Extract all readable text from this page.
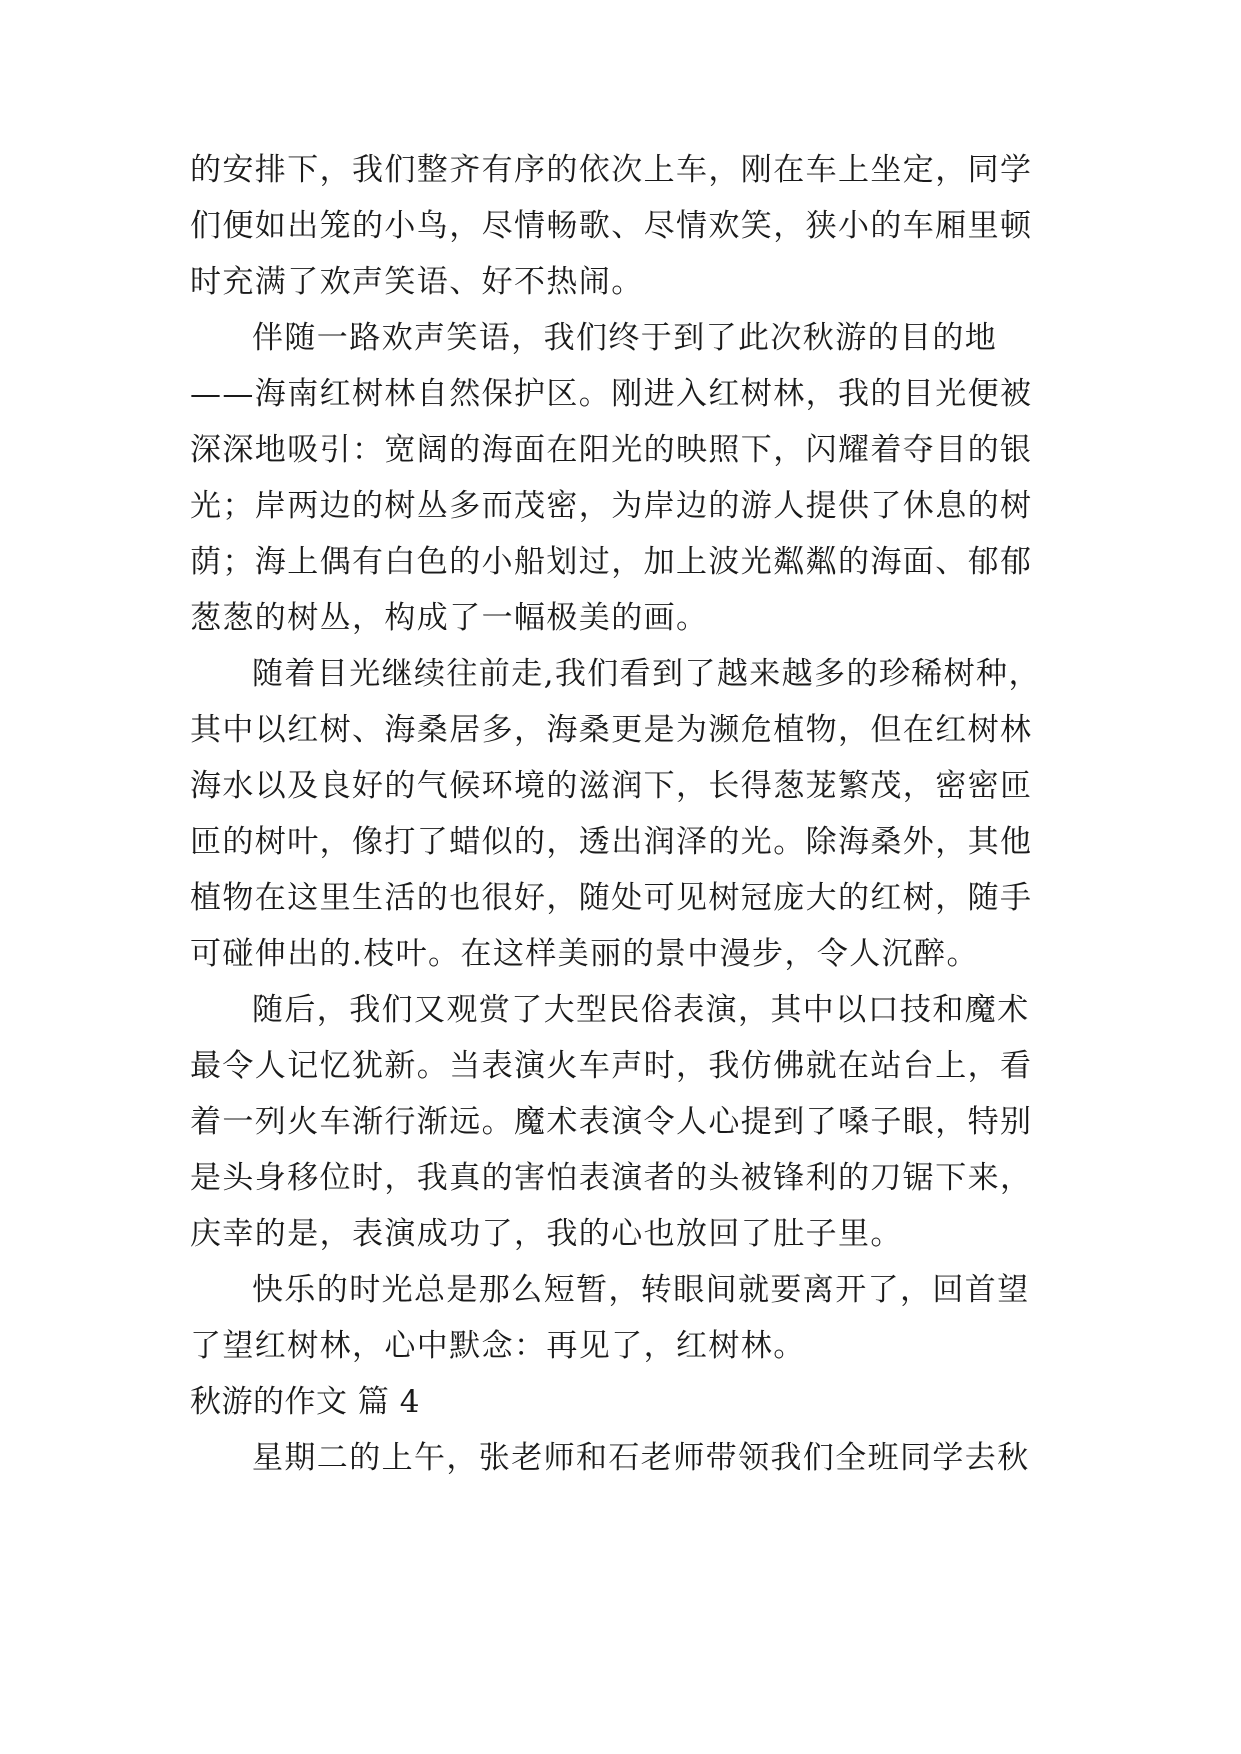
的安排下，我们整齐有序的依次上车，刚在车上坐定，同学
们便如出笼的小鸟，尽情畅歌、尽情欢笑，狭小的车厢里顿
时充满了欢声笑语、好不热闹。
伴随一路欢声笑语，我们终于到了此次秋游的目的地
——海南红树林自然保护区。刚进入红树林，我的目光便被
深深地吸引：宽阔的海面在阳光的映照下，闪耀着夺目的银
光；岸两边的树丛多而茂密，为岸边的游人提供了休息的树
荫；海上偶有白色的小船划过，加上波光粼粼的海面、郁郁
葱葱的树丛，构成了一幅极美的画。
随着目光继续往前走,我们看到了越来越多的珍稀树种，
其中以红树、海桑居多，海桑更是为濒危植物，但在红树林
海水以及良好的气候环境的滋润下，长得葱茏繁茂，密密匝
匝的树叶，像打了蜡似的，透出润泽的光。除海桑外，其他
植物在这里生活的也很好，随处可见树冠庞大的红树，随手
可碰伸出的.枝叶。在这样美丽的景中漫步，令人沉醉。
随后，我们又观赏了大型民俗表演，其中以口技和魔术
最令人记忆犹新。当表演火车声时，我仿佛就在站台上，看
着一列火车渐行渐远。魔术表演令人心提到了嗓子眼，特别
是头身移位时，我真的害怕表演者的头被锋利的刀锯下来，
庆幸的是，表演成功了，我的心也放回了肚子里。
快乐的时光总是那么短暂，转眼间就要离开了，回首望
了望红树林，心中默念：再见了，红树林。
秋游的作文 篇 4
星期二的上午，张老师和石老师带领我们全班同学去秋
